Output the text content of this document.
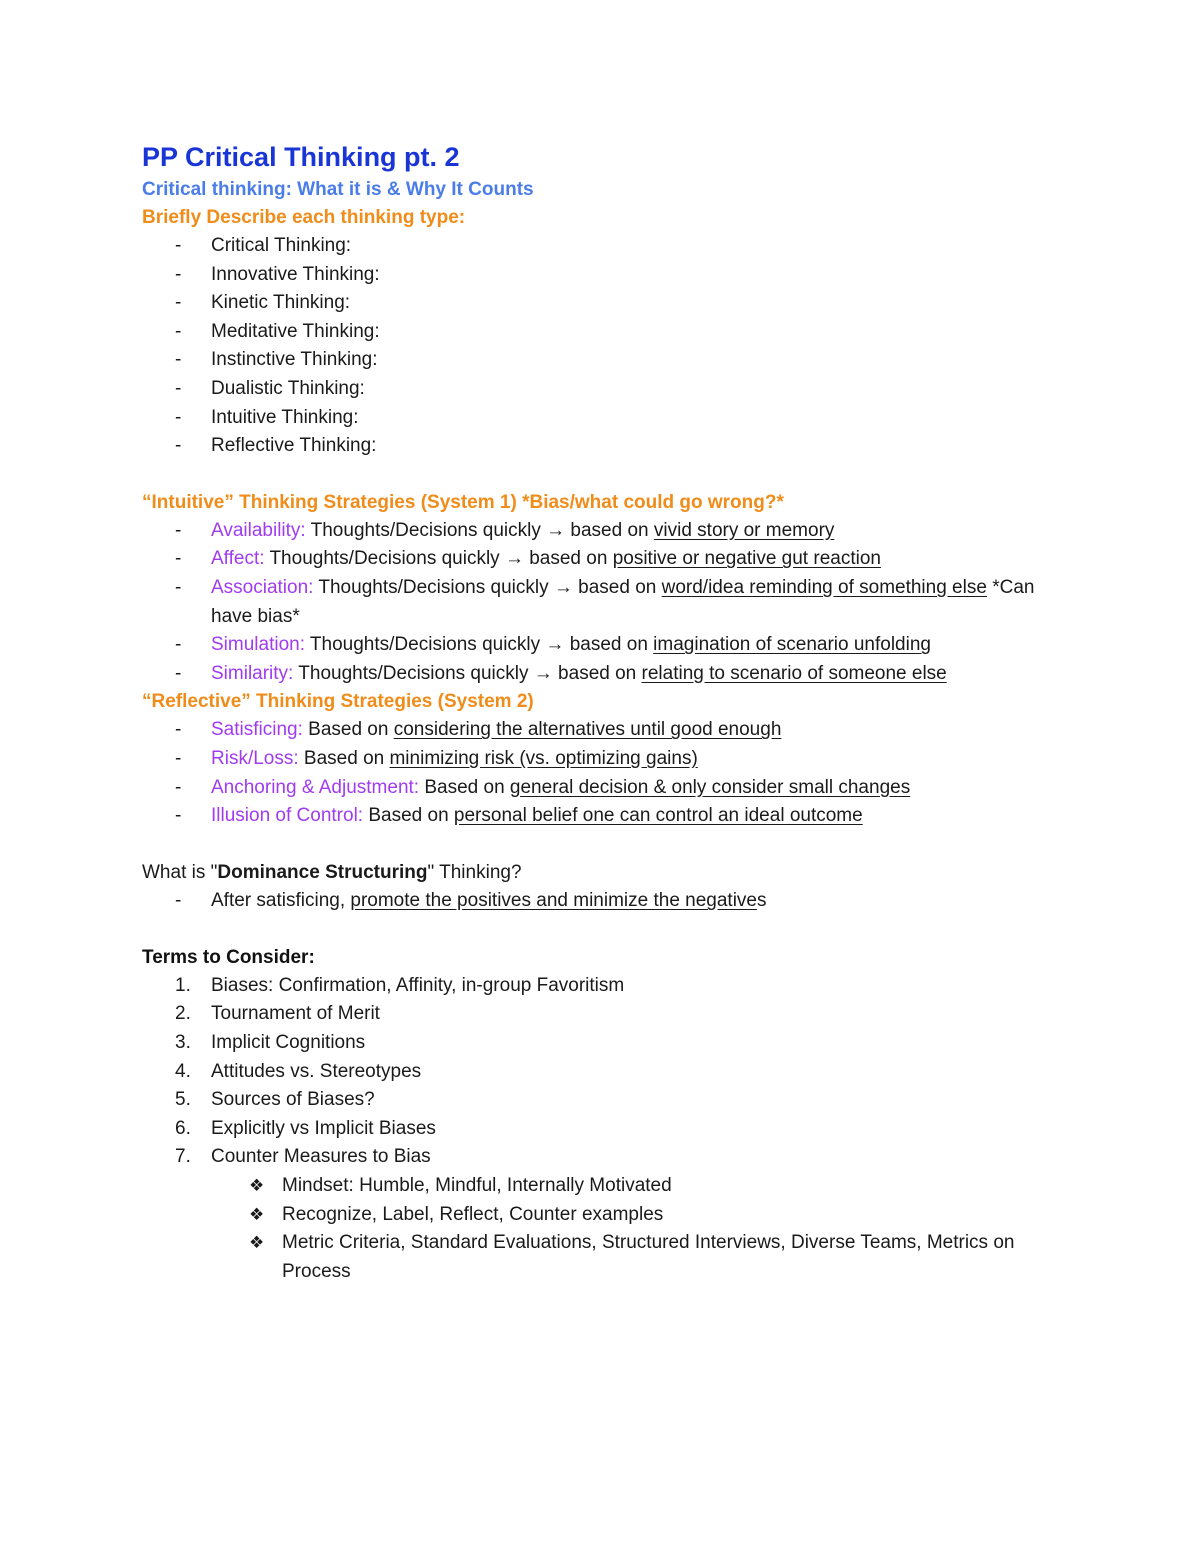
PP Critical Thinking pt. 2
Critical thinking: What it is & Why It Counts
Briefly Describe each thinking type:
- Critical Thinking:
- Innovative Thinking:
- Kinetic Thinking:
- Meditative Thinking:
- Instinctive Thinking:
- Dualistic Thinking:
- Intuitive Thinking:
- Reflective Thinking:
“Intuitive” Thinking Strategies (System 1) *Bias/what could go wrong?*
- Availability: Thoughts/Decisions quickly → based on vivid story or memory
- Affect: Thoughts/Decisions quickly → based on positive or negative gut reaction
- Association: Thoughts/Decisions quickly → based on word/idea reminding of something else *Can have bias*
- Simulation: Thoughts/Decisions quickly → based on imagination of scenario unfolding
- Similarity: Thoughts/Decisions quickly → based on relating to scenario of someone else
“Reflective” Thinking Strategies (System 2)
- Satisficing: Based on considering the alternatives until good enough
- Risk/Loss: Based on minimizing risk (vs. optimizing gains)
- Anchoring & Adjustment: Based on general decision & only consider small changes
- Illusion of Control: Based on personal belief one can control an ideal outcome
What is "Dominance Structuring" Thinking?
- After satisficing, promote the positives and minimize the negatives
Terms to Consider:
1.	Biases: Confirmation, Affinity, in-group Favoritism
2.	Tournament of Merit
3.	Implicit Cognitions
4.	Attitudes vs. Stereotypes
5.	Sources of Biases?
6.	Explicitly vs Implicit Biases
7.	Counter Measures to Bias
❖ Mindset: Humble, Mindful, Internally Motivated
❖ Recognize, Label, Reflect, Counter examples
❖ Metric Criteria, Standard Evaluations, Structured Interviews, Diverse Teams, Metrics on Process
